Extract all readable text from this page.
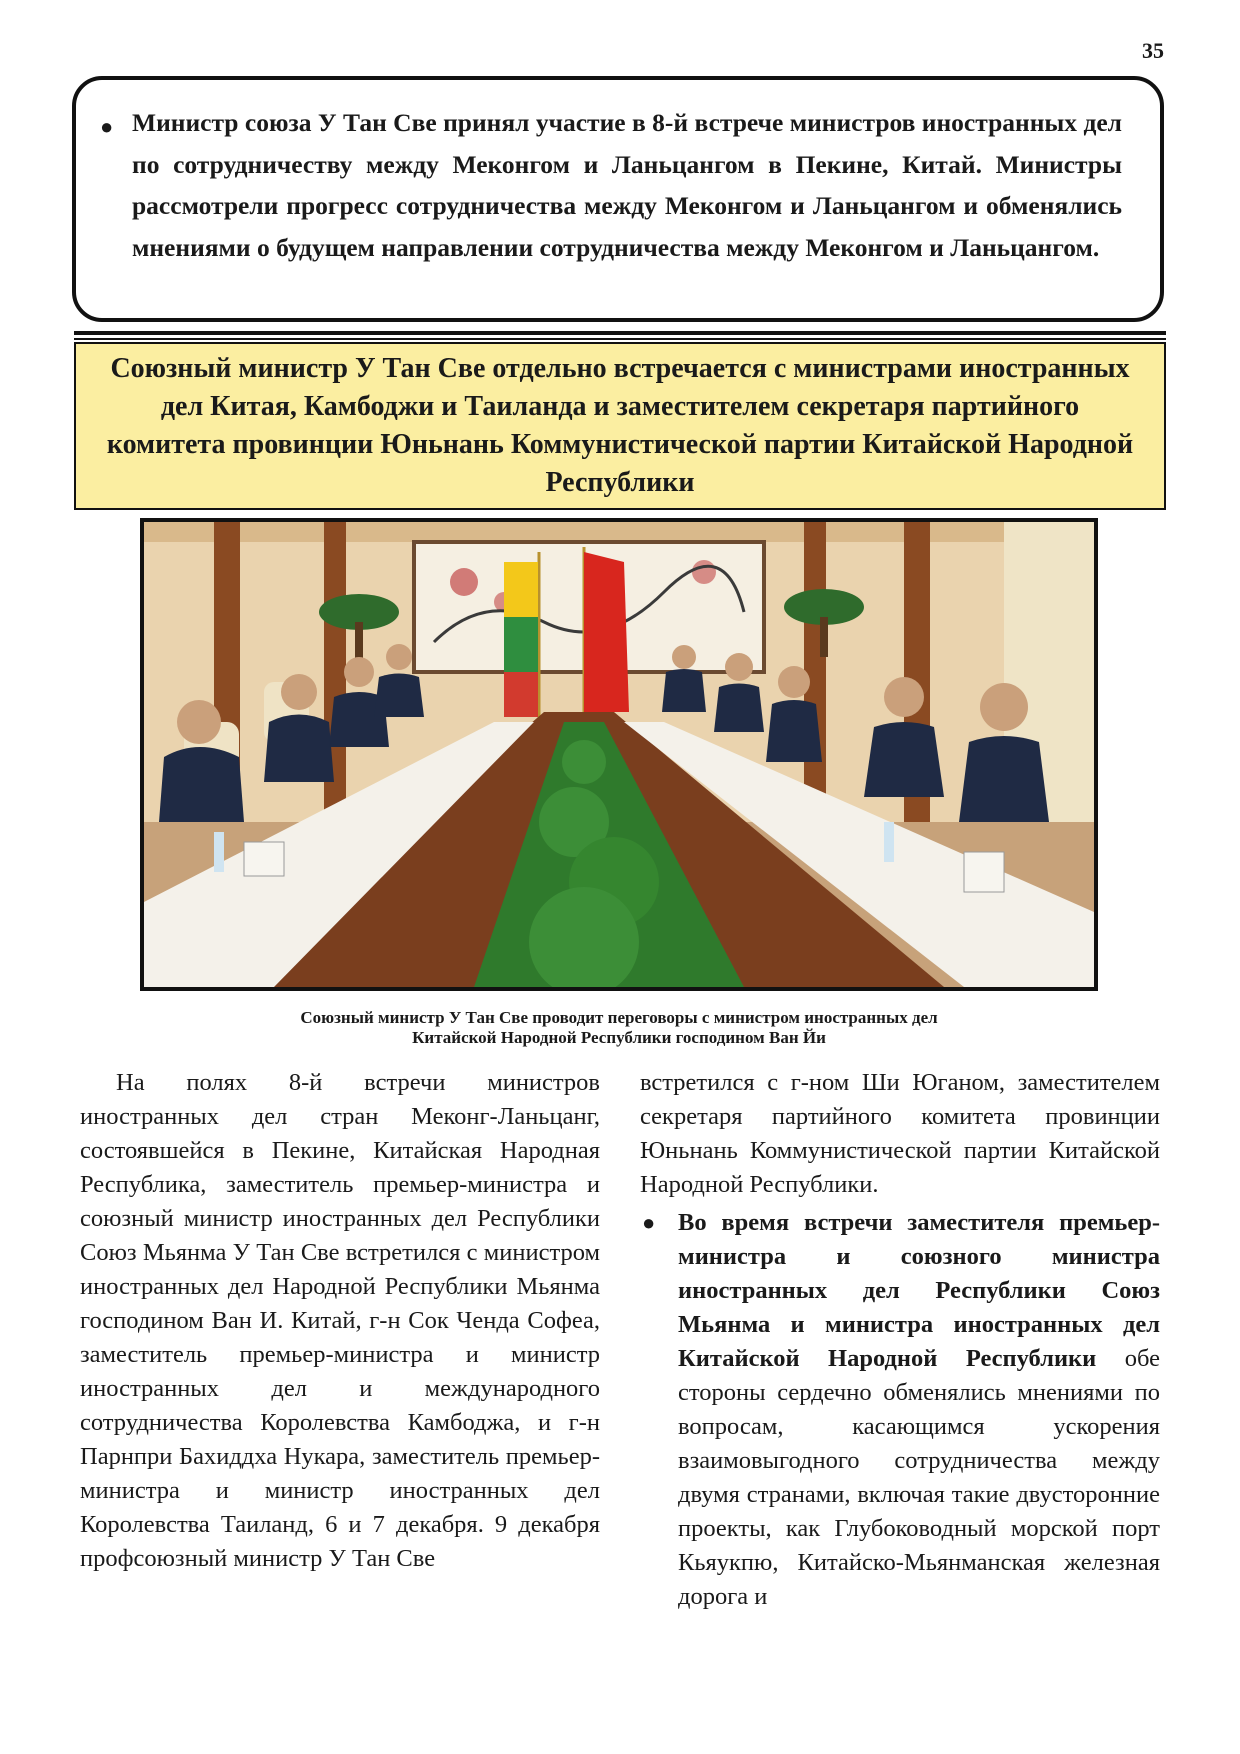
35
● Министр союза У Тан Све принял участие в 8-й встрече министров иностранных дел по сотрудничеству между Меконгом и Ланьцангом в Пекине, Китай. Министры рассмотрели прогресс сотрудничества между Меконгом и Ланьцангом и обменялись мнениями о будущем направлении сотрудничества между Меконгом и Ланьцангом.

Союзный министр У Тан Све отдельно встречается с министрами иностранных дел Китая, Камбоджи и Таиланда и заместителем секретаря партийного комитета провинции Юньнань Коммунистической партии Китайской Народной Республики
Союзный министр У Тан Све проводит переговоры с министром иностранных дел
Китайской Народной Республики господином Ван Йи

На полях 8-й встречи министров иностранных дел стран Меконг-Ланьцанг, состоявшейся в Пекине, Китайская Народная Республика, заместитель премьер-министра и союзный министр иностранных дел Республики Союз Мьянма У Тан Све встретился с министром иностранных дел Народной Республики Мьянма господином Ван И. Китай, г-н Сок Ченда Софеа, заместитель премьер-министра и министр иностранных дел и международного сотрудничества Королевства Камбоджа, и г-н Парнпри Бахиддха Нукара, заместитель премьер-министра и министр иностранных дел Королевства Таиланд, 6 и 7 декабря. 9 декабря профсоюзный министр У Тан Све

встретился с г-ном Ши Юганом, заместителем секретаря партийного комитета провинции Юньнань Коммунистической партии Китайской Народной Республики.

● Во время встречи заместителя премьер-министра и союзного министра иностранных дел Республики Союз Мьянма и министра иностранных дел Китайской Народной Республики обе стороны сердечно обменялись мнениями по вопросам, касающимся ускорения взаимовыгодного сотрудничества между двумя странами, включая такие двусторонние проекты, как Глубоководный морской порт Кьяукпю, Китайско-Мьянманская железная дорога и
